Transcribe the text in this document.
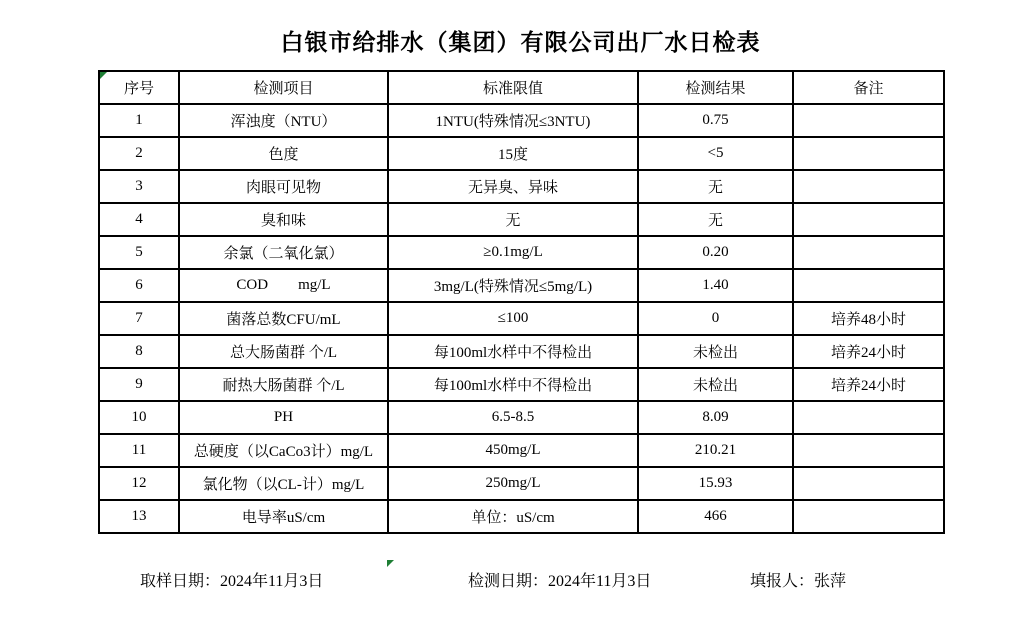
白银市给排水（集团）有限公司出厂水日检表
序号	检测项目	标准限值	检测结果	备注
1	浑浊度（NTU）	1NTU(特殊情况≤3NTU)	0.75	
2	色度	15度	<5	
3	肉眼可见物	无异臭、异味	无	
4	臭和味	无	无	
5	余氯（二氧化氯）	≥0.1mg/L	0.20	
6	COD        mg/L	3mg/L(特殊情况≤5mg/L)	1.40	
7	菌落总数CFU/mL	≤100	0	培养48小时
8	总大肠菌群 个/L	每100ml水样中不得检出	未检出	培养24小时
9	耐热大肠菌群 个/L	每100ml水样中不得检出	未检出	培养24小时
10	PH	6.5-8.5	8.09	
11	总硬度（以CaCo3计）mg/L	450mg/L	210.21	
12	氯化物（以CL-计）mg/L	250mg/L	15.93	
13	电导率uS/cm	单位：uS/cm	466	
取样日期：2024年11月3日	检测日期：2024年11月3日	填报人：张萍
